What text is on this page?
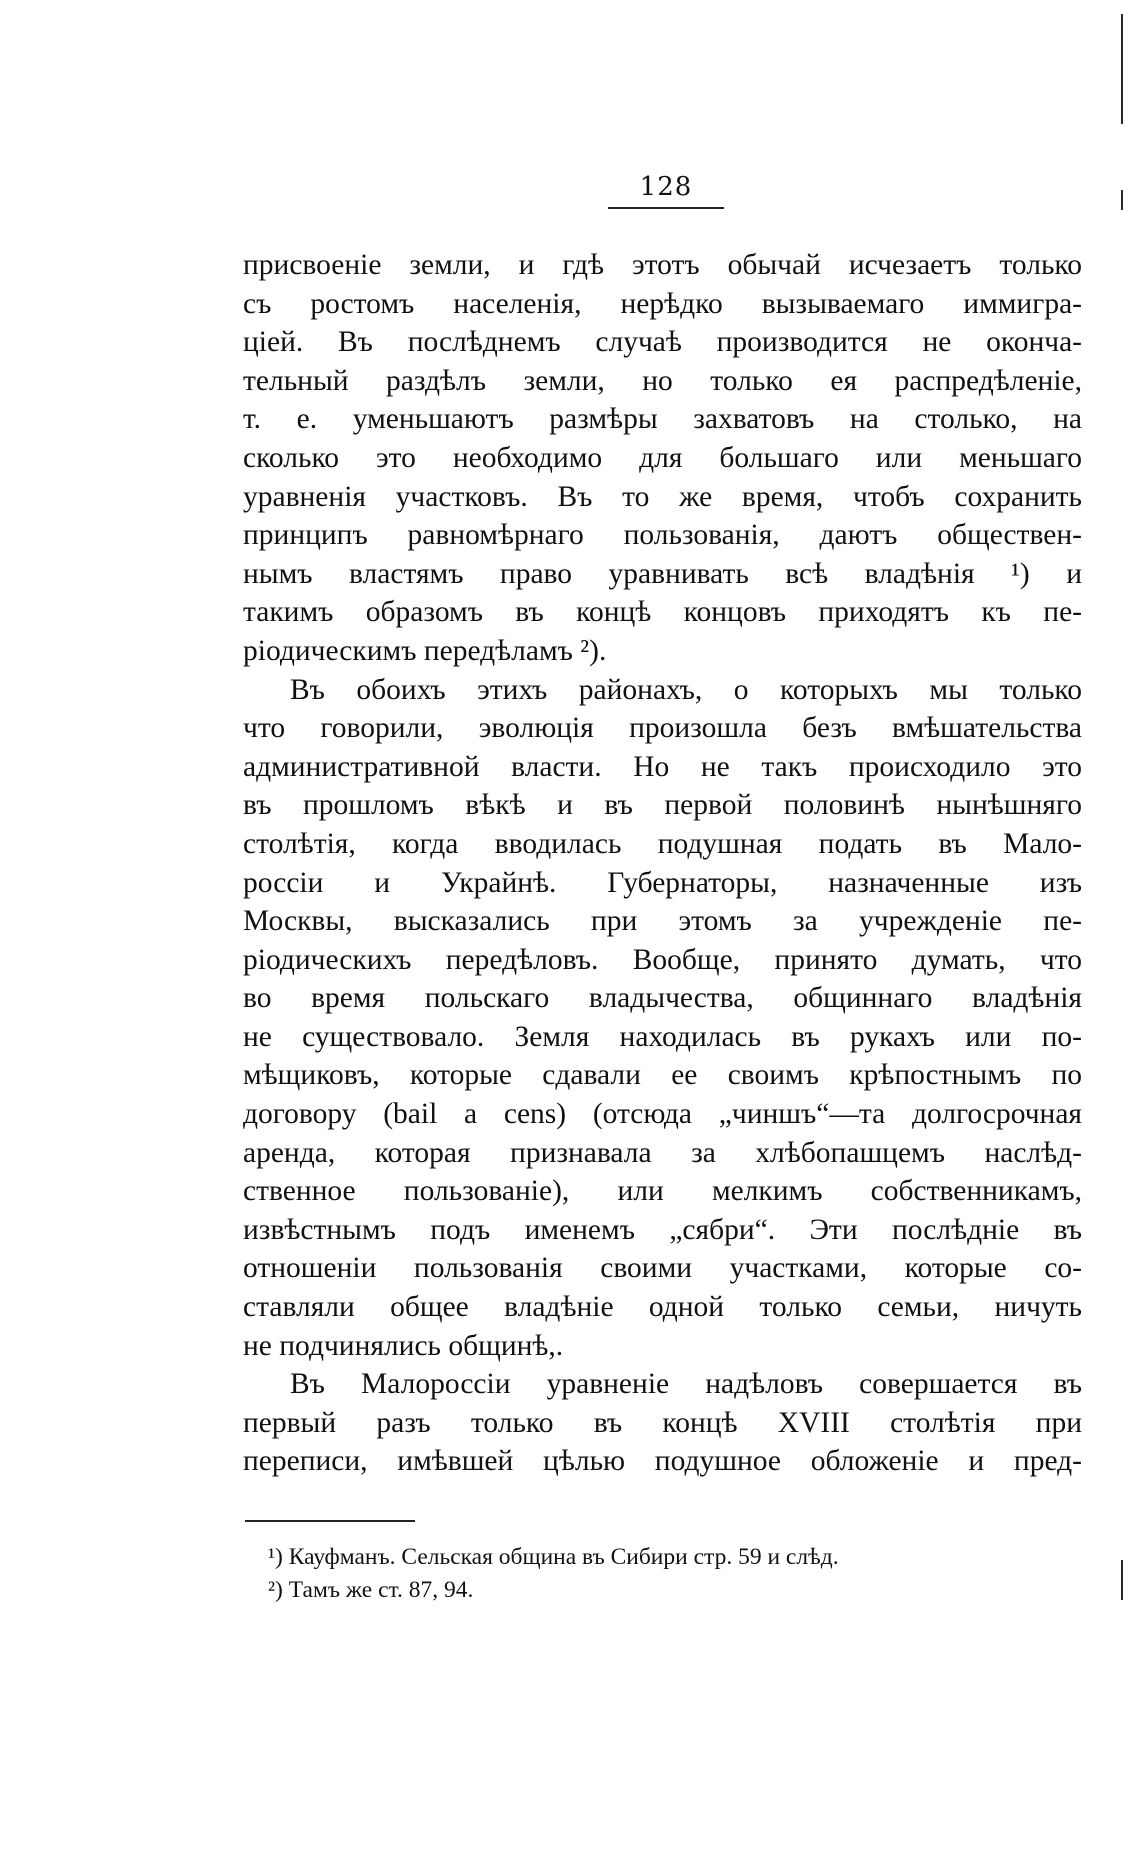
128
присвоеніе земли, и гдѣ этотъ обычай исчезаетъ только
съ ростомъ населенія, нерѣдко вызываемаго иммигра-
ціей. Въ послѣднемъ случаѣ производится не оконча-
тельный раздѣлъ земли, но только ея распредѣленіе,
т. е. уменьшаютъ размѣры захватовъ на столько, на
сколько это необходимо для большаго или меньшаго
уравненія участковъ. Въ то же время, чтобъ сохранить
принципъ равномѣрнаго пользованія, даютъ обществен-
нымъ властямъ право уравнивать всѣ владѣнія ¹) и
такимъ образомъ въ концѣ концовъ приходятъ къ пе-
ріодическимъ передѣламъ ²).
Въ обоихъ этихъ районахъ, о которыхъ мы только
что говорили, эволюція произошла безъ вмѣшательства
административной власти. Но не такъ происходило это
въ прошломъ вѣкѣ и въ первой половинѣ нынѣшняго
столѣтія, когда вводилась подушная подать въ Мало-
россіи и Украйнѣ. Губернаторы, назначенные изъ
Москвы, высказались при этомъ за учрежденіе пе-
ріодическихъ передѣловъ. Вообще, принято думать, что
во время польскаго владычества, общиннаго владѣнія
не существовало. Земля находилась въ рукахъ или по-
мѣщиковъ, которые сдавали ее своимъ крѣпостнымъ по
договору (bail a cens) (отсюда „чиншъ“—та долгосрочная
аренда, которая признавала за хлѣбопашцемъ наслѣд-
ственное пользованіе), или мелкимъ собственникамъ,
извѣстнымъ подъ именемъ „сябри“. Эти послѣдніе въ
отношеніи пользованія своими участками, которые со-
ставляли общее владѣніе одной только семьи, ничуть
не подчинялись общинѣ,.
Въ Малороссіи уравненіе надѣловъ совершается въ
первый разъ только въ концѣ XVIII столѣтія при
переписи, имѣвшей цѣлью подушное обложеніе и пред-
¹) Кауфманъ. Сельская община въ Сибири стр. 59 и слѣд.
²) Тамъ же ст. 87, 94.
